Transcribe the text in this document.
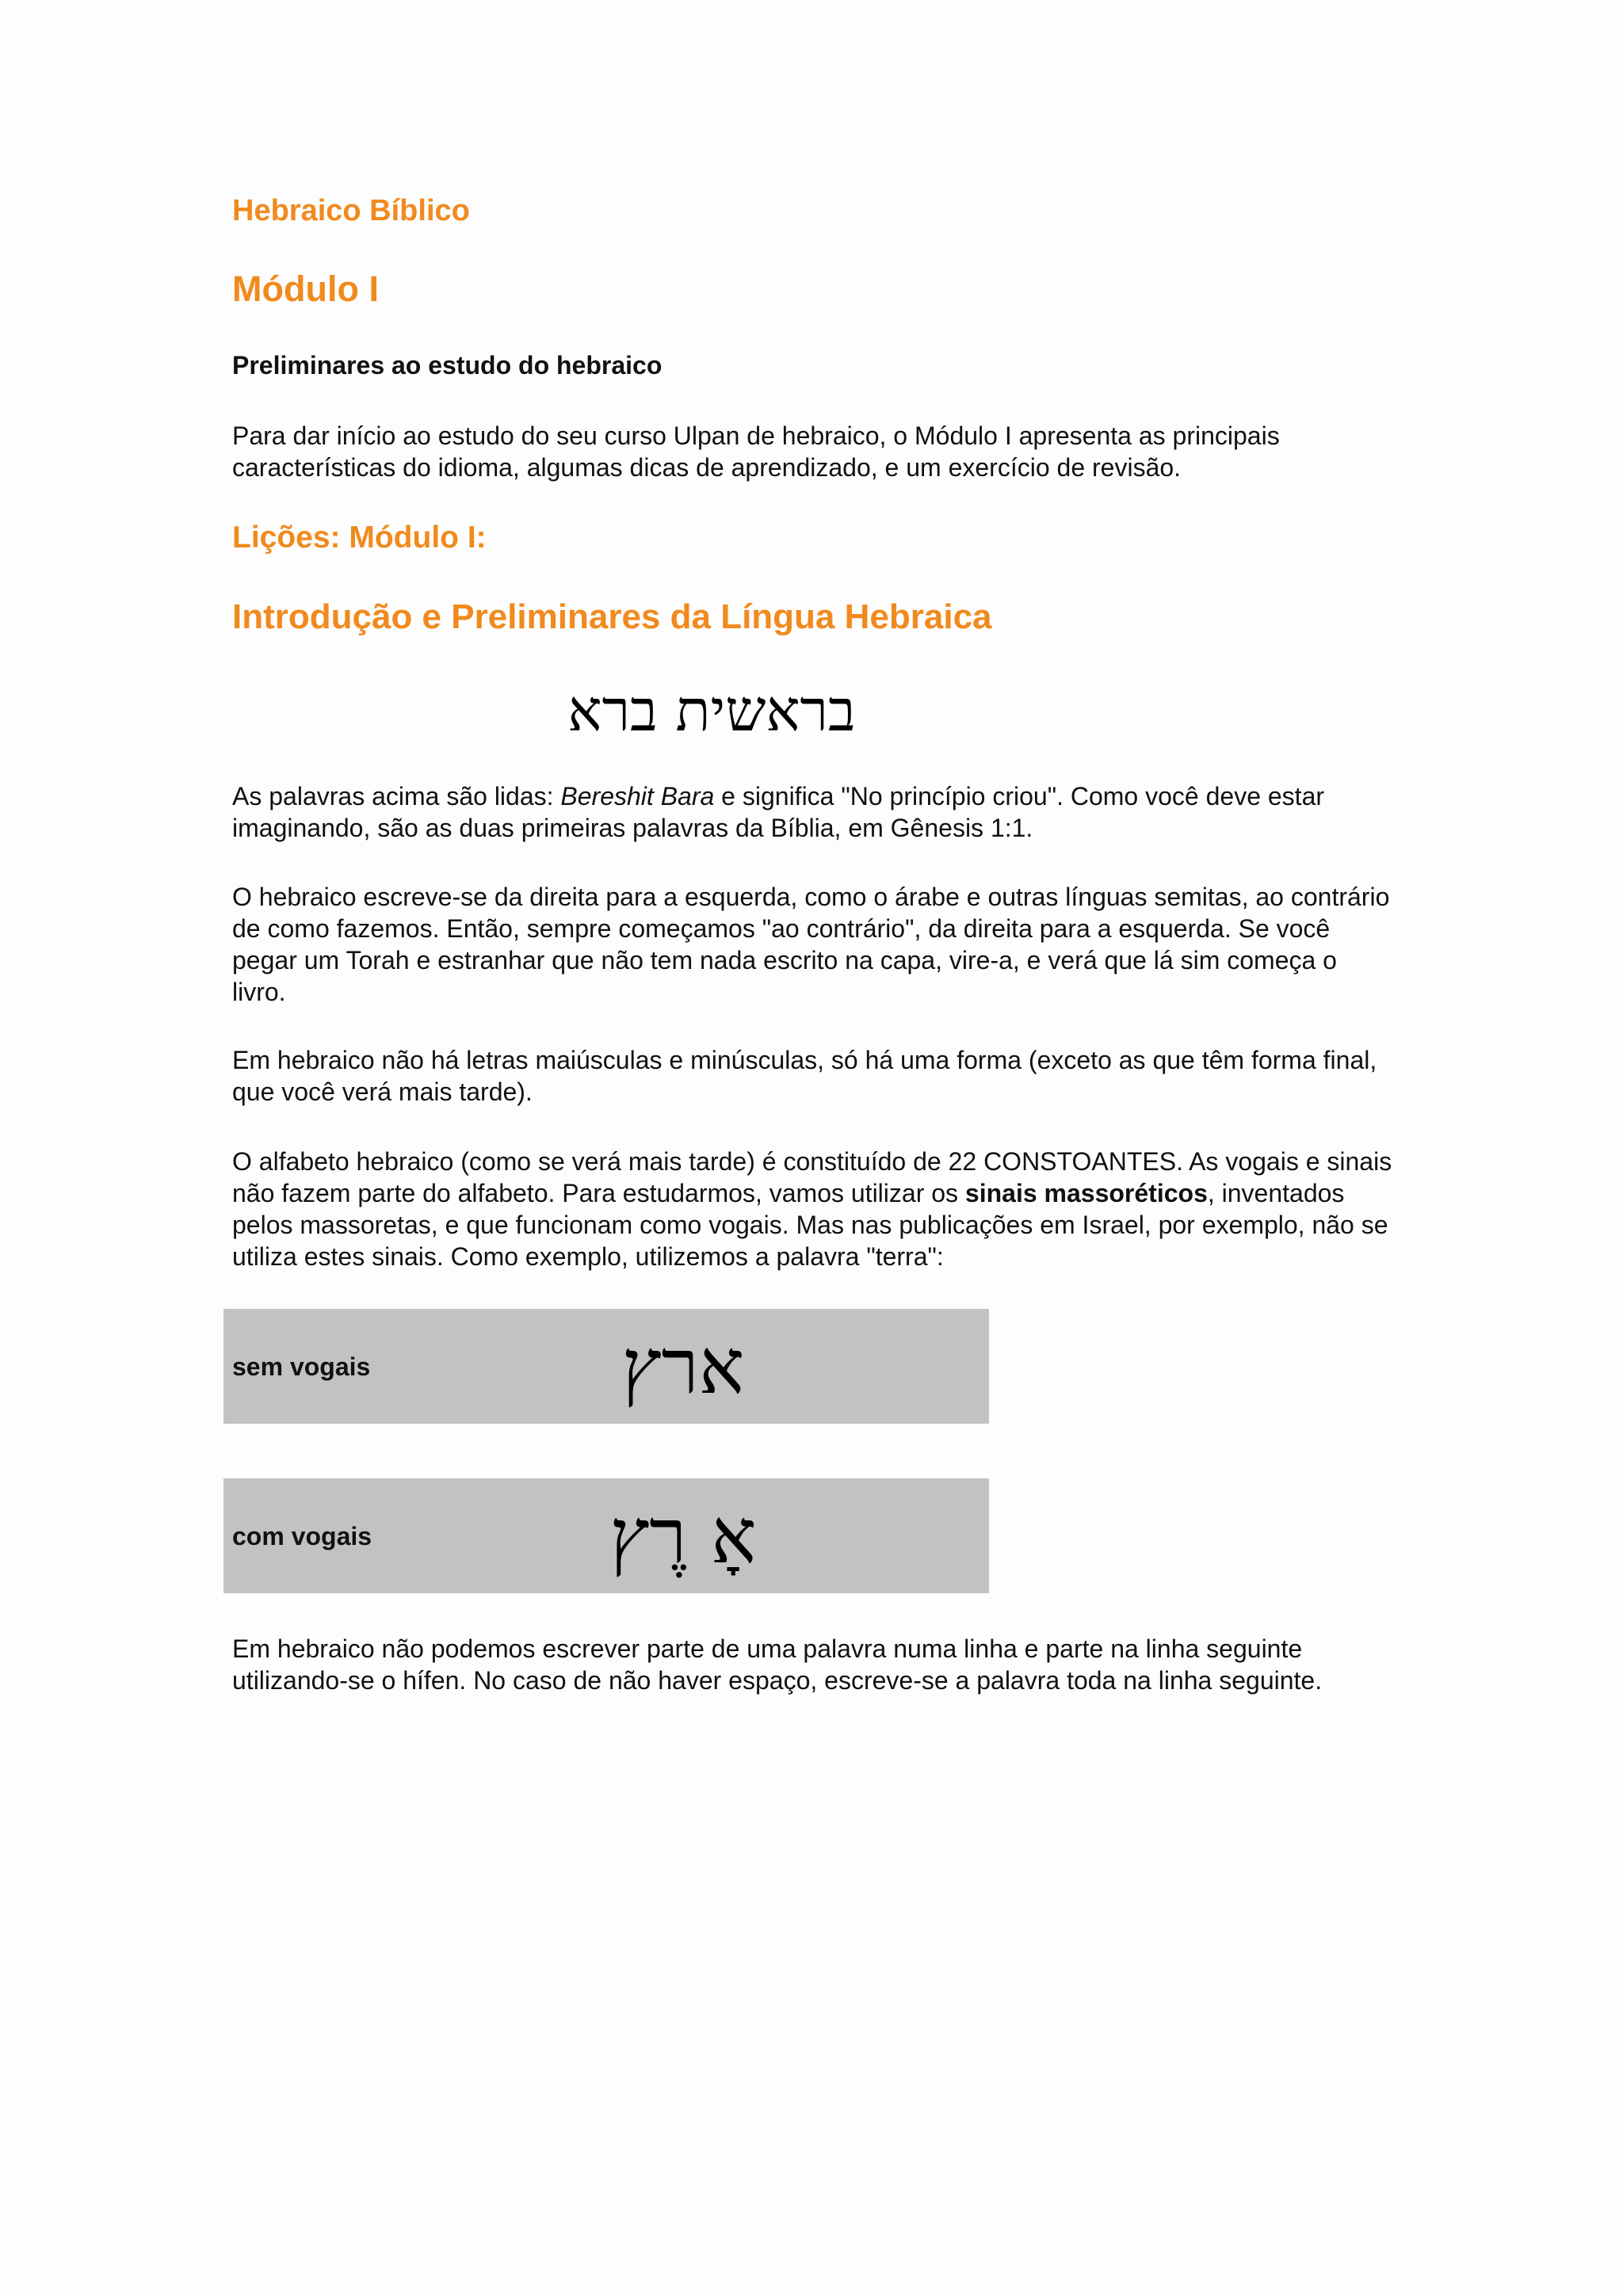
Hebraico Bíblico
Módulo I
Preliminares ao estudo do hebraico

Para dar início ao estudo do seu curso Ulpan de hebraico, o Módulo I apresenta as principais características do idioma, algumas dicas de aprendizado, e um exercício de revisão.

Lições: Módulo I:
Introdução e Preliminares da Língua Hebraica
בראשית ברא

As palavras acima são lidas: Bereshit Bara e significa "No princípio criou". Como você deve estar imaginando, são as duas primeiras palavras da Bíblia, em Gênesis 1:1.

O hebraico escreve-se da direita para a esquerda, como o árabe e outras línguas semitas, ao contrário de como fazemos. Então, sempre começamos "ao contrário", da direita para a esquerda. Se você pegar um Torah e estranhar que não tem nada escrito na capa, vire-a, e verá que lá sim começa o livro.

Em hebraico não há letras maiúsculas e minúsculas, só há uma forma (exceto as que têm forma final, que você verá mais tarde).

O alfabeto hebraico (como se verá mais tarde) é constituído de 22 CONSTOANTES. As vogais e sinais não fazem parte do alfabeto. Para estudarmos, vamos utilizar os sinais massoréticos, inventados pelos massoretas, e que funcionam como vogais. Mas nas publicações em Israel, por exemplo, não se utiliza estes sinais. Como exemplo, utilizemos a palavra "terra":

sem vogais	ארץ
com vogais	אָ רֶץ

Em hebraico não podemos escrever parte de uma palavra numa linha e parte na linha seguinte utilizando-se o hífen. No caso de não haver espaço, escreve-se a palavra toda na linha seguinte.
